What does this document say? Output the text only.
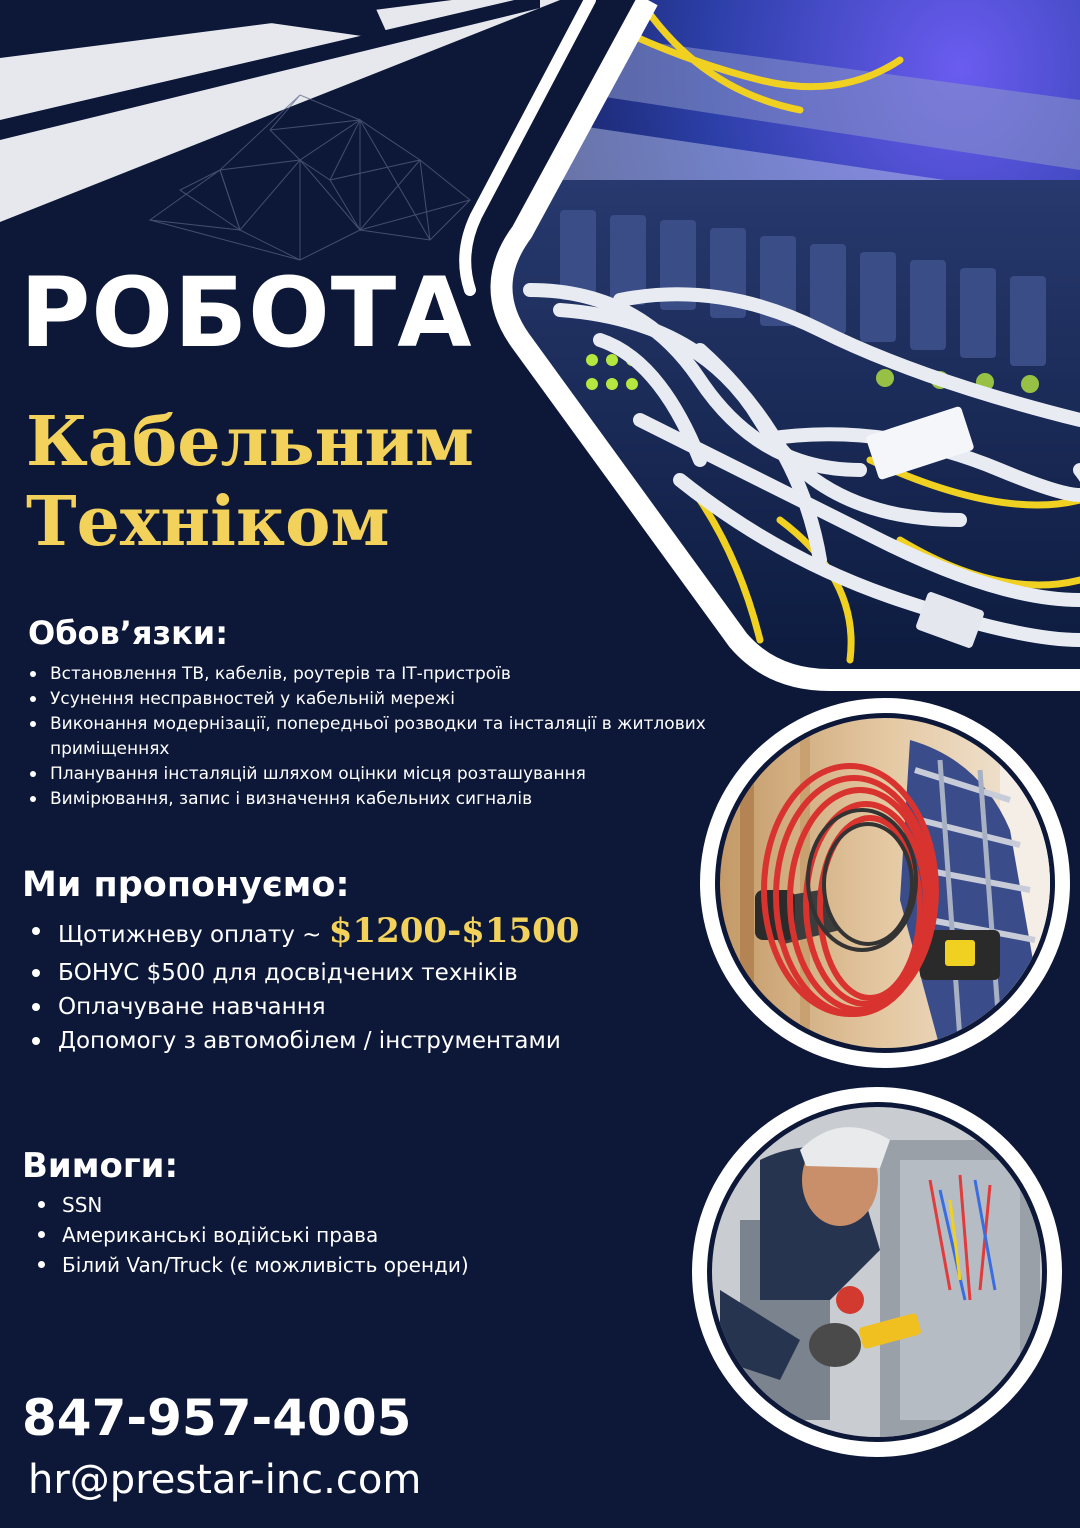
РОБОТА
Кабельним
Техніком
Обов’язки:
Встановлення ТВ, кабелів, роутерів та ІТ-пристроїв
Усунення несправностей у кабельній мережі
Виконання модернізації, попередньої розводки та інсталяції в житлових приміщеннях
Планування інсталяцій шляхом оцінки місця розташування
Вимірювання, запис і визначення кабельних сигналів
Ми пропонуємо:
Щотижневу оплату ~ $1200-$1500
БОНУС $500 для досвідчених техніків
Оплачуване навчання
Допомогу з автомобілем / інструментами
Вимоги:
SSN
Американські водійські права
Білий Van/Truck (є можливість оренди)

847-957-4005

hr@prestar-inc.com
